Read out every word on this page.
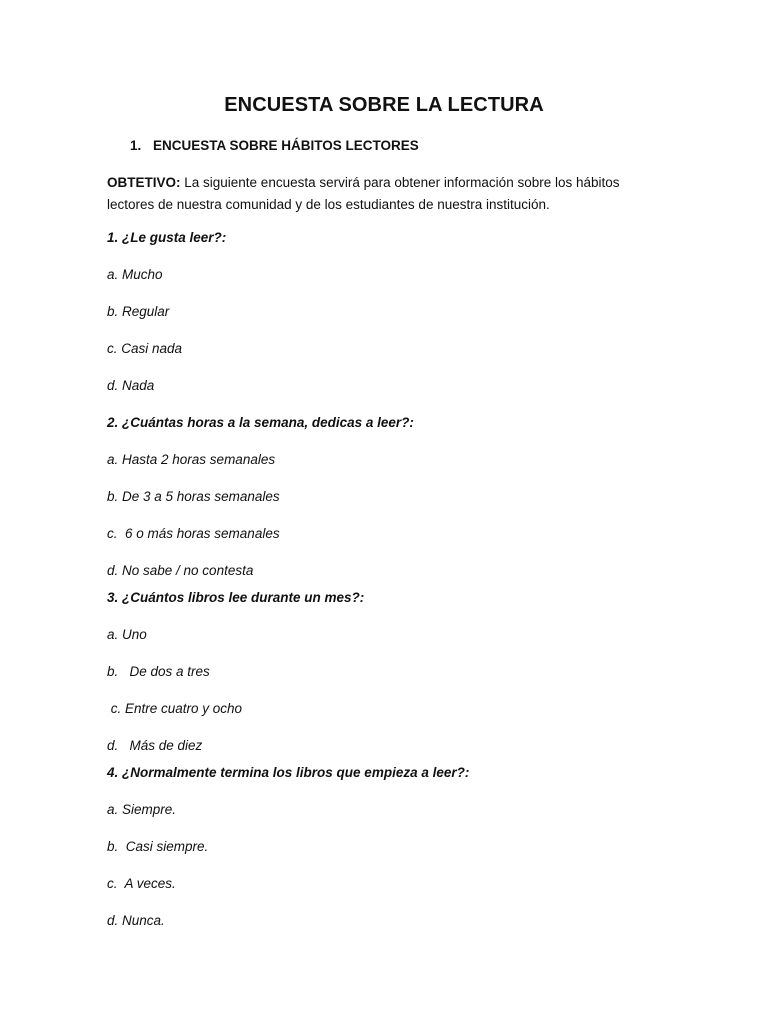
ENCUESTA SOBRE LA LECTURA
1. ENCUESTA SOBRE HÁBITOS LECTORES
OBTETIVO: La siguiente encuesta servirá para obtener información sobre los hábitos lectores de nuestra comunidad y de los estudiantes de nuestra institución.
1. ¿Le gusta leer?:
a. Mucho
b. Regular
c. Casi nada
d. Nada
2. ¿Cuántas horas a la semana, dedicas a leer?:
a. Hasta 2 horas semanales
b. De 3 a 5 horas semanales
c.  6 o más horas semanales
d. No sabe / no contesta
3. ¿Cuántos libros lee durante un mes?:
a. Uno
b.   De dos a tres
c. Entre cuatro y ocho
d.   Más de diez
4. ¿Normalmente termina los libros que empieza a leer?:
a. Siempre.
b.  Casi siempre.
c.  A veces.
d. Nunca.
